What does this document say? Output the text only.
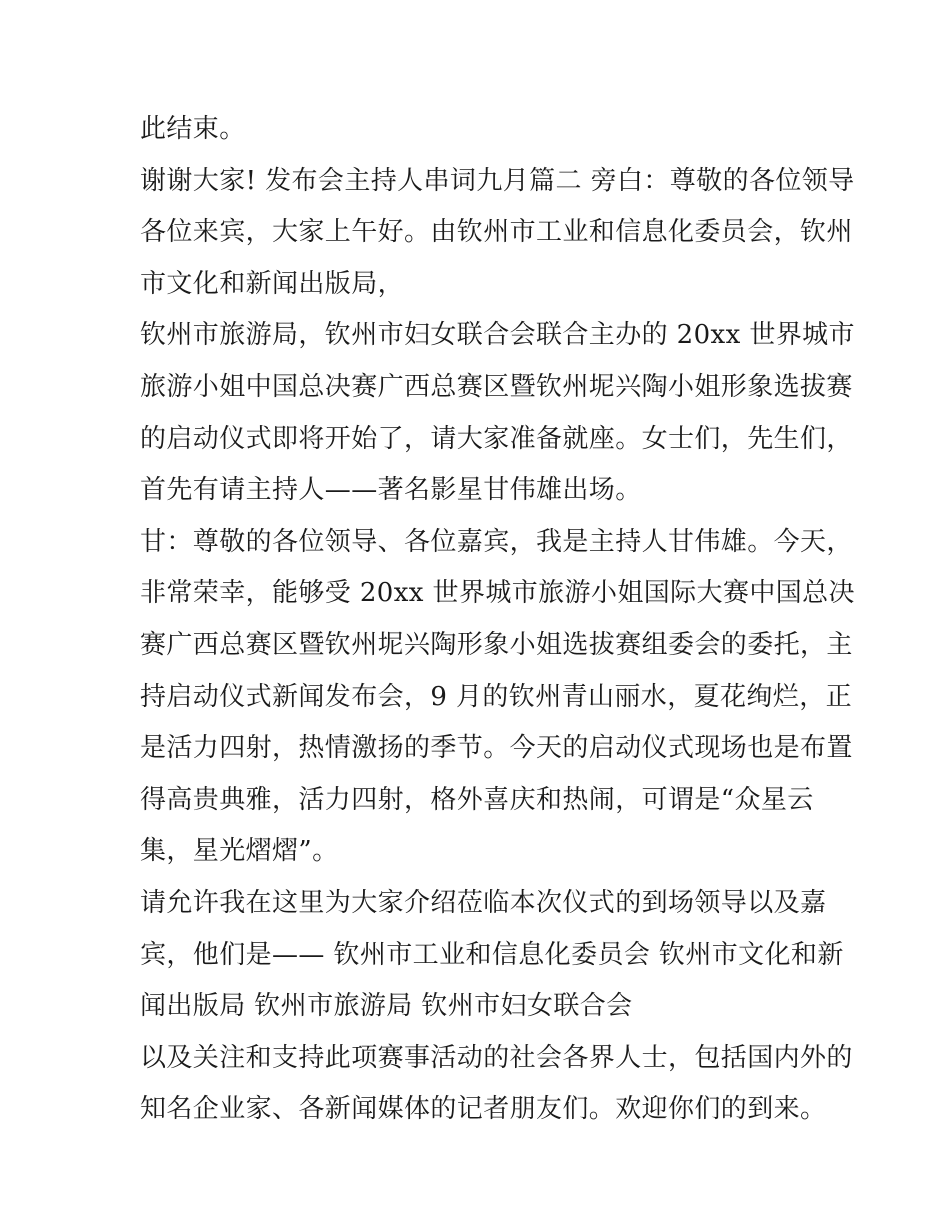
此结束。
谢谢大家! 发布会主持人串词九月篇二 旁白：尊敬的各位领导
各位来宾，大家上午好。由钦州市工业和信息化委员会，钦州
市文化和新闻出版局，
钦州市旅游局，钦州市妇女联合会联合主办的 20xx 世界城市
旅游小姐中国总决赛广西总赛区暨钦州坭兴陶小姐形象选拔赛
的启动仪式即将开始了，请大家准备就座。女士们，先生们，
首先有请主持人——著名影星甘伟雄出场。
甘：尊敬的各位领导、各位嘉宾，我是主持人甘伟雄。今天，
非常荣幸，能够受 20xx 世界城市旅游小姐国际大赛中国总决
赛广西总赛区暨钦州坭兴陶形象小姐选拔赛组委会的委托，主
持启动仪式新闻发布会，9 月的钦州青山丽水，夏花绚烂，正
是活力四射，热情激扬的季节。今天的启动仪式现场也是布置
得高贵典雅，活力四射，格外喜庆和热闹，可谓是“众星云
集，星光熠熠”。
请允许我在这里为大家介绍莅临本次仪式的到场领导以及嘉
宾，他们是—— 钦州市工业和信息化委员会 钦州市文化和新
闻出版局 钦州市旅游局 钦州市妇女联合会
以及关注和支持此项赛事活动的社会各界人士，包括国内外的
知名企业家、各新闻媒体的记者朋友们。欢迎你们的到来。
